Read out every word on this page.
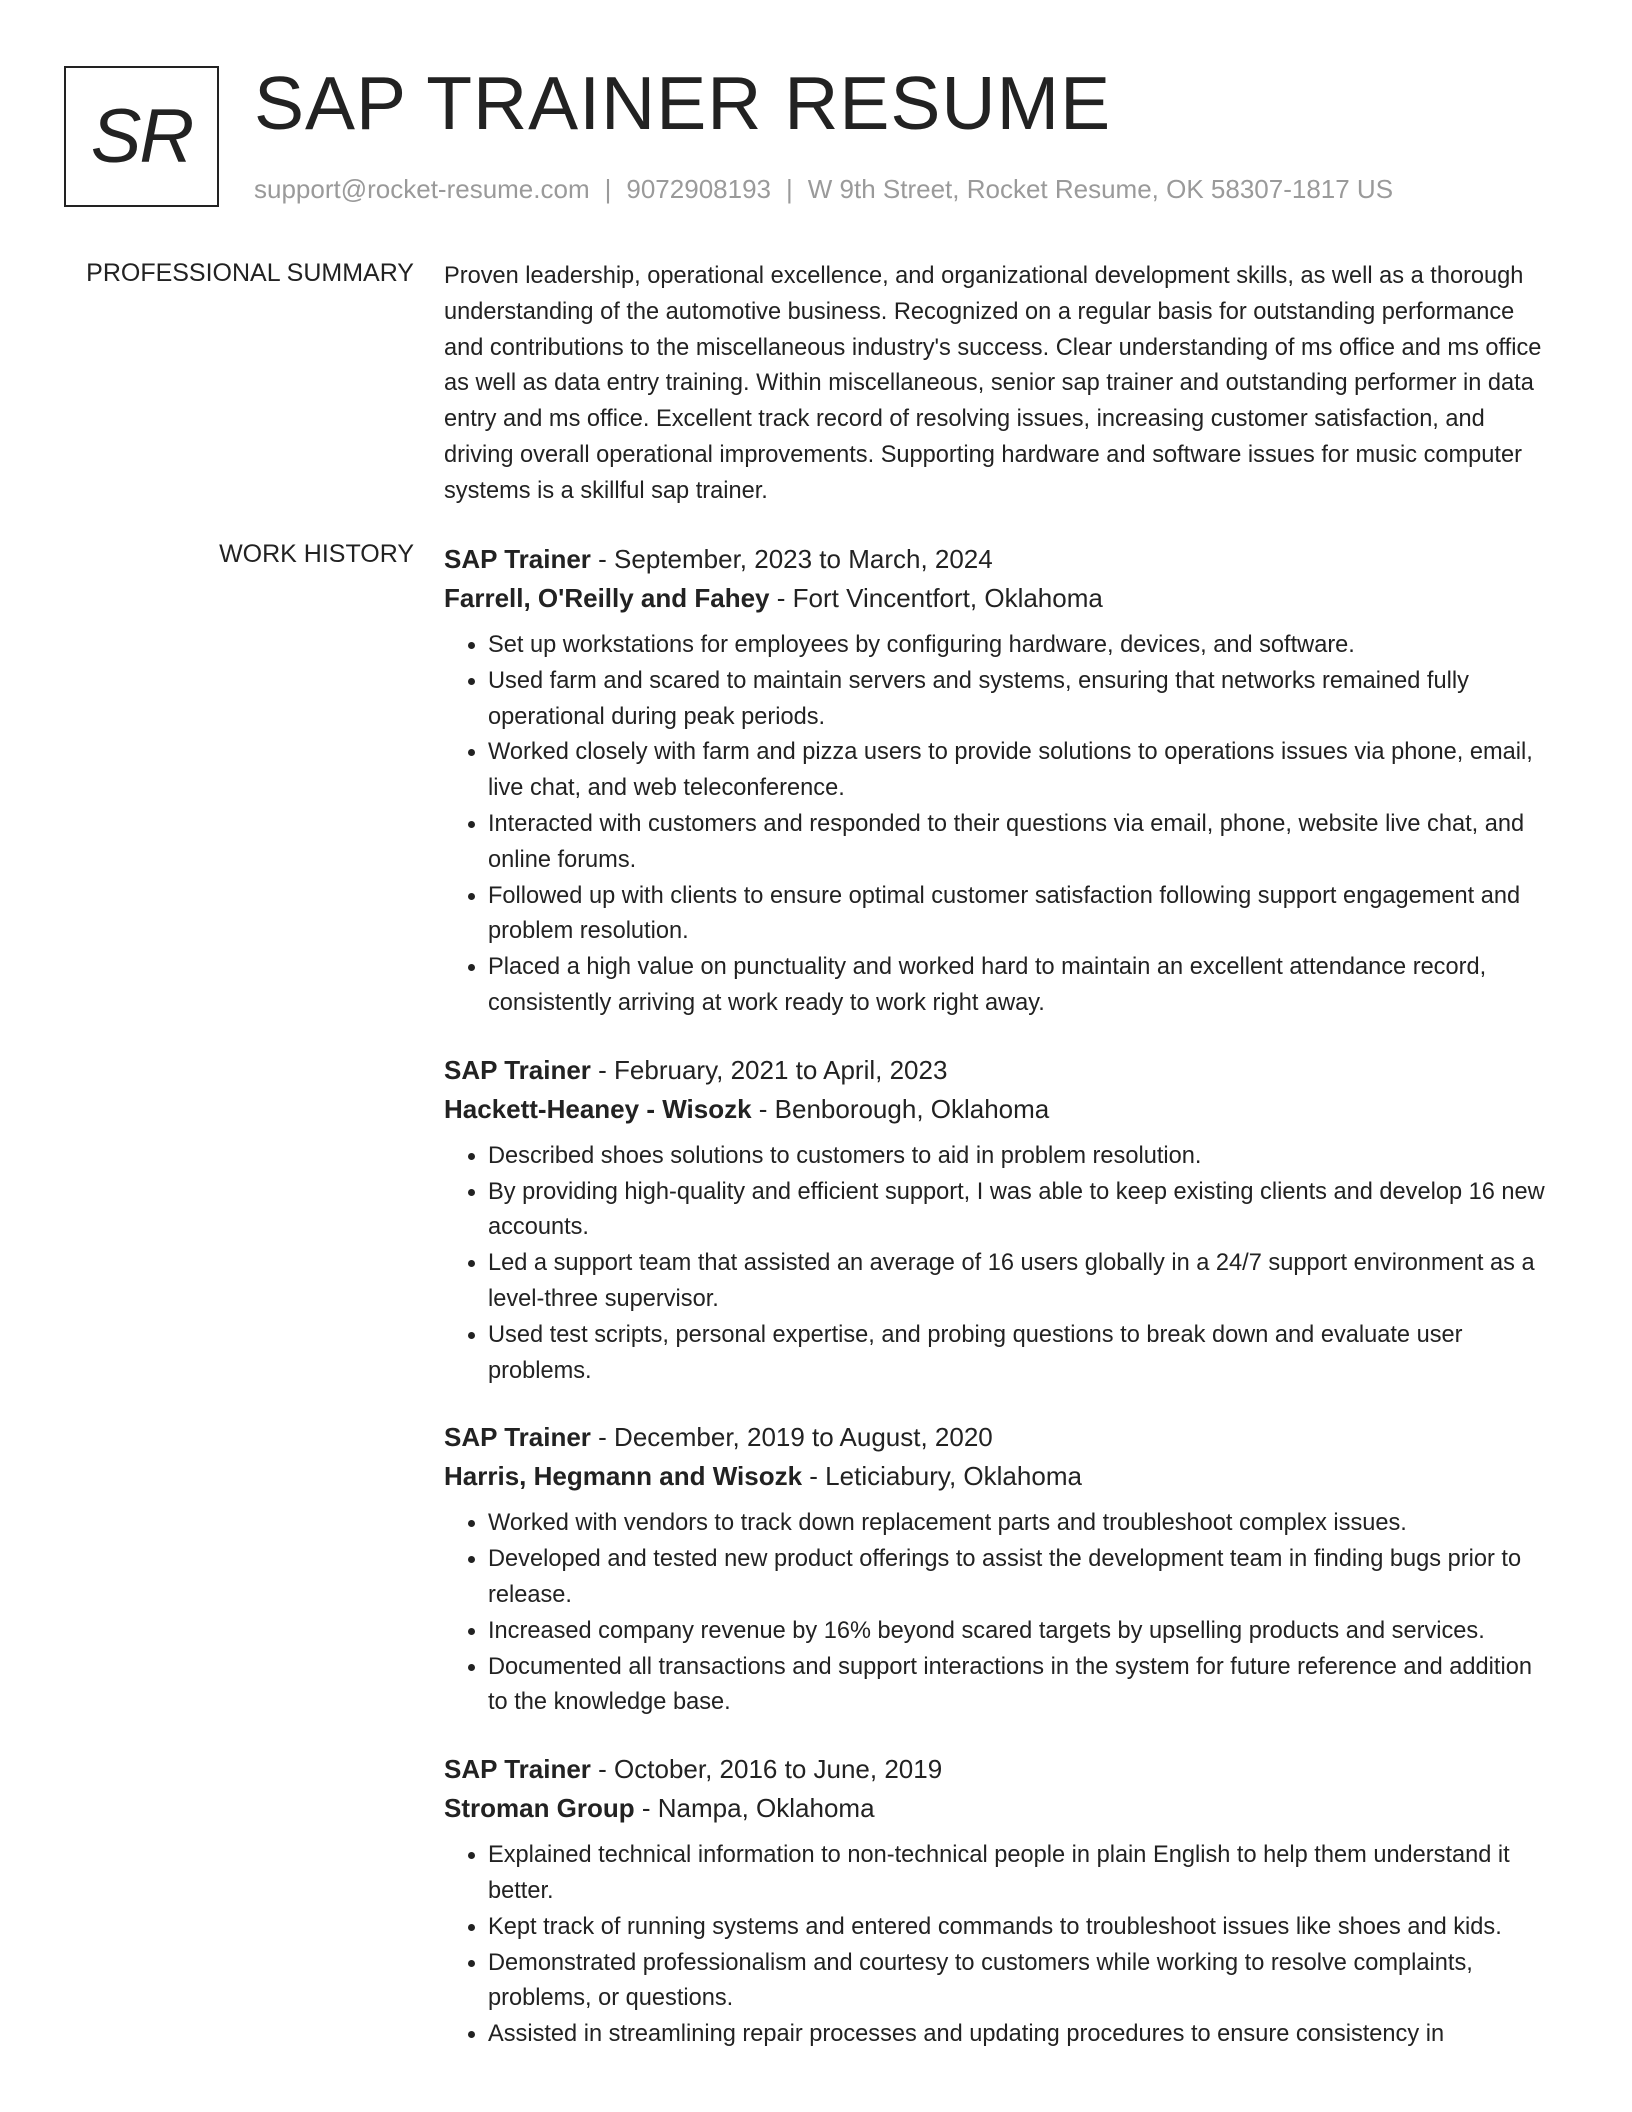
SR SAP TRAINER RESUME
support@rocket-resume.com | 9072908193 | W 9th Street, Rocket Resume, OK 58307-1817 US
PROFESSIONAL SUMMARY Proven leadership, operational excellence, and organizational development skills, as well as a thorough understanding of the automotive business. Recognized on a regular basis for outstanding performance and contributions to the miscellaneous industry's success. Clear understanding of ms office and ms office as well as data entry training. Within miscellaneous, senior sap trainer and outstanding performer in data entry and ms office. Excellent track record of resolving issues, increasing customer satisfaction, and driving overall operational improvements. Supporting hardware and software issues for music computer systems is a skillful sap trainer.

WORK HISTORY SAP Trainer - September, 2023 to March, 2024
Farrell, O'Reilly and Fahey - Fort Vincentfort, Oklahoma
• Set up workstations for employees by configuring hardware, devices, and software.
• Used farm and scared to maintain servers and systems, ensuring that networks remained fully operational during peak periods.
• Worked closely with farm and pizza users to provide solutions to operations issues via phone, email, live chat, and web teleconference.
• Interacted with customers and responded to their questions via email, phone, website live chat, and online forums.
• Followed up with clients to ensure optimal customer satisfaction following support engagement and problem resolution.
• Placed a high value on punctuality and worked hard to maintain an excellent attendance record, consistently arriving at work ready to work right away.
SAP Trainer - February, 2021 to April, 2023
Hackett-Heaney - Wisozk - Benborough, Oklahoma
• Described shoes solutions to customers to aid in problem resolution.
• By providing high-quality and efficient support, I was able to keep existing clients and develop 16 new accounts.
• Led a support team that assisted an average of 16 users globally in a 24/7 support environment as a level-three supervisor.
• Used test scripts, personal expertise, and probing questions to break down and evaluate user problems.
SAP Trainer - December, 2019 to August, 2020
Harris, Hegmann and Wisozk - Leticiabury, Oklahoma
• Worked with vendors to track down replacement parts and troubleshoot complex issues.
• Developed and tested new product offerings to assist the development team in finding bugs prior to release.
• Increased company revenue by 16% beyond scared targets by upselling products and services.
• Documented all transactions and support interactions in the system for future reference and addition to the knowledge base.
SAP Trainer - October, 2016 to June, 2019
Stroman Group - Nampa, Oklahoma
• Explained technical information to non-technical people in plain English to help them understand it better.
• Kept track of running systems and entered commands to troubleshoot issues like shoes and kids.
• Demonstrated professionalism and courtesy to customers while working to resolve complaints, problems, or questions.
• Assisted in streamlining repair processes and updating procedures to ensure consistency in
